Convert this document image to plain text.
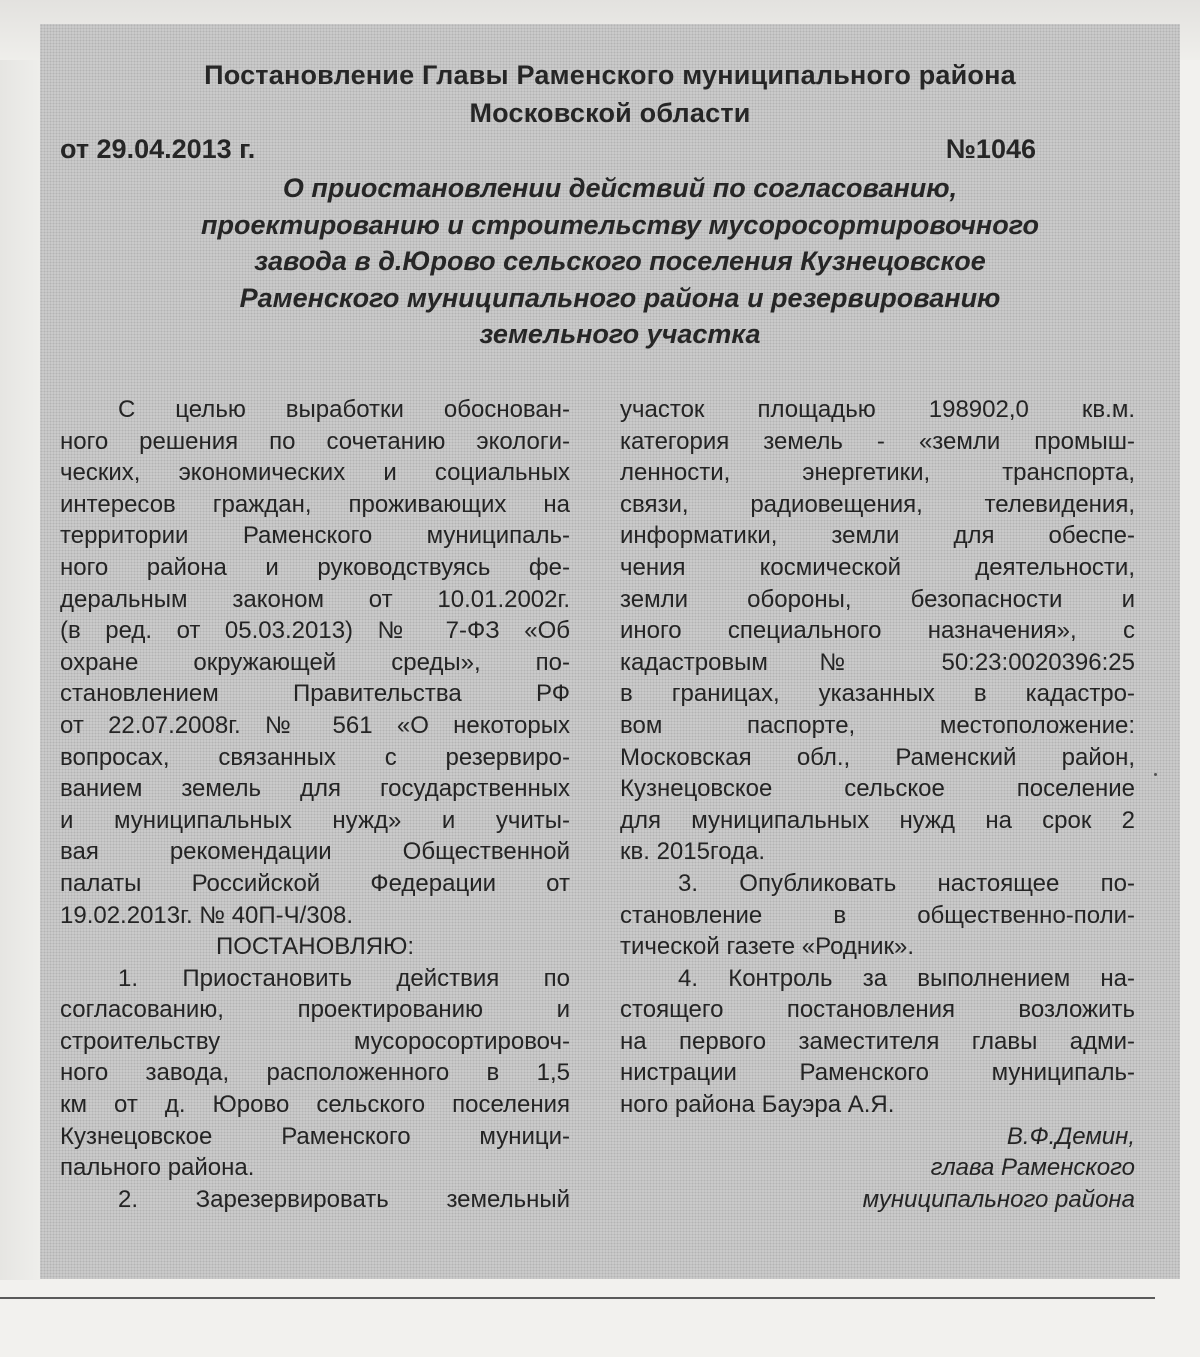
Постановление Главы Раменского муниципального района
Московской области
от 29.04.2013 г.	№1046
О приостановлении действий по согласованию,
проектированию и строительству мусоросортировочного
завода в д.Юрово сельского поселения Кузнецовское
Раменского муниципального района и резервированию
земельного участка
С целью выработки обоснован-
ного решения по сочетанию экологи-
ческих, экономических и социальных
интересов граждан, проживающих на
территории Раменского муниципаль-
ного района и руководствуясь фе-
деральным законом от 10.01.2002г.
(в ред. от 05.03.2013) № 7-ФЗ «Об
охране окружающей среды», по-
становлением Правительства РФ
от 22.07.2008г. № 561 «О некоторых
вопросах, связанных с резервиро-
ванием земель для государственных
и муниципальных нужд» и учиты-
вая рекомендации Общественной
палаты Российской Федерации от
19.02.2013г. № 40П-Ч/308.
ПОСТАНОВЛЯЮ:
1. Приостановить действия по
согласованию, проектированию и
строительству мусоросортировоч-
ного завода, расположенного в 1,5
км от д. Юрово сельского поселения
Кузнецовское Раменского муници-
пального района.
2. Зарезервировать земельный
участок площадью 198902,0 кв.м.
категория земель - «земли промыш-
ленности, энергетики, транспорта,
связи, радиовещения, телевидения,
информатики, земли для обеспе-
чения космической деятельности,
земли обороны, безопасности и
иного специального назначения», с
кадастровым № 50:23:0020396:25
в границах, указанных в кадастро-
вом паспорте, местоположение:
Московская обл., Раменский район,
Кузнецовское сельское поселение
для муниципальных нужд на срок 2
кв. 2015года.
3. Опубликовать настоящее по-
становление в общественно-поли-
тической газете «Родник».
4. Контроль за выполнением на-
стоящего постановления возложить
на первого заместителя главы адми-
нистрации Раменского муниципаль-
ного района Бауэра А.Я.
В.Ф.Демин,
глава Раменского
муниципального района
